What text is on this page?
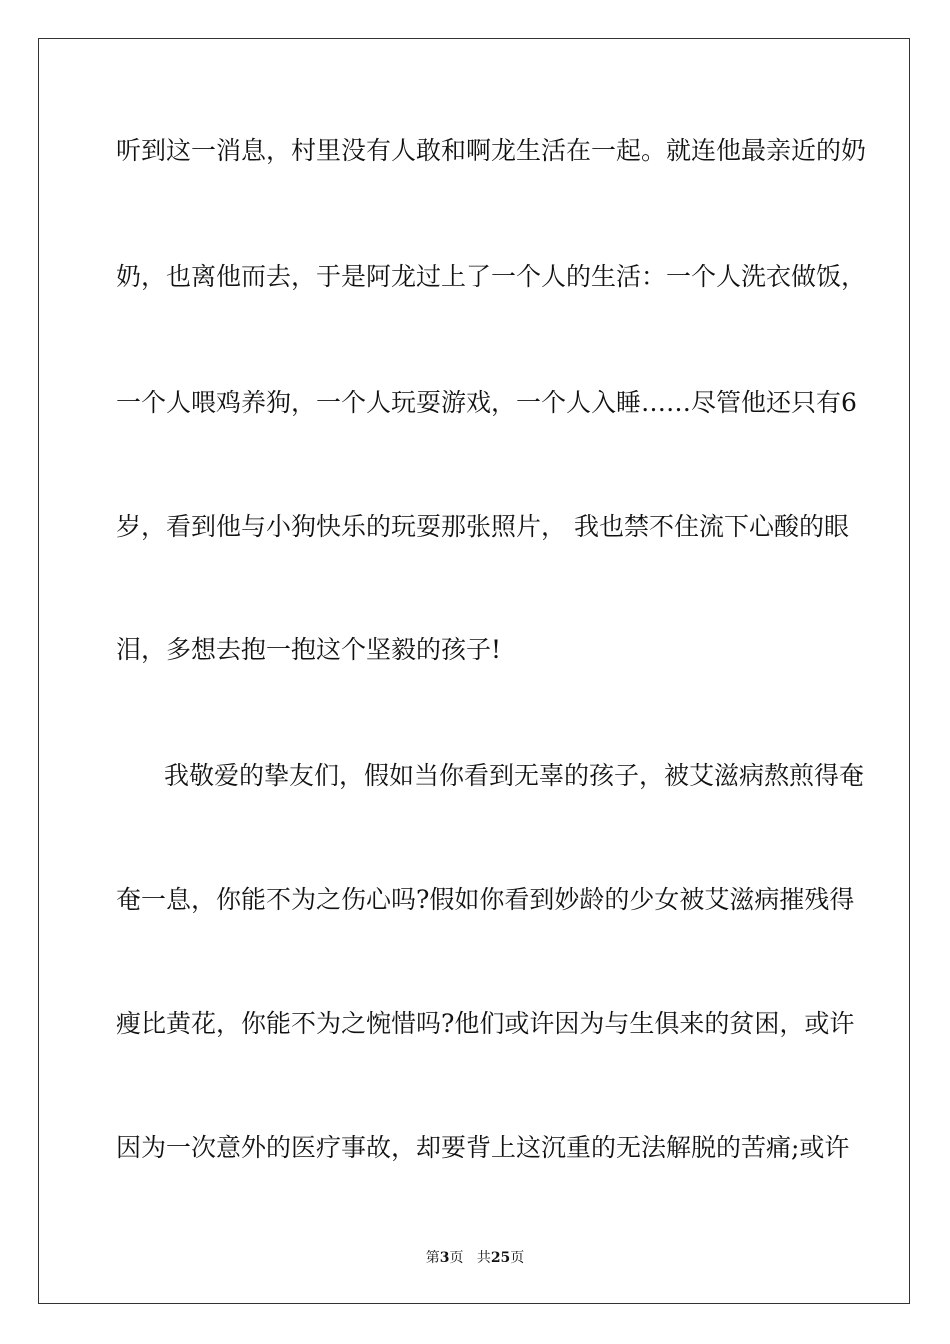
听到这一消息，村里没有人敢和啊龙生活在一起。就连他最亲近的奶
奶，也离他而去，于是阿龙过上了一个人的生活：一个人洗衣做饭，
一个人喂鸡养狗，一个人玩耍游戏，一个人入睡……尽管他还只有6
岁，看到他与小狗快乐的玩耍那张照片， 我也禁不住流下心酸的眼
泪，多想去抱一抱这个坚毅的孩子!
我敬爱的挚友们，假如当你看到无辜的孩子，被艾滋病熬煎得奄
奄一息，你能不为之伤心吗?假如你看到妙龄的少女被艾滋病摧残得
瘦比黄花，你能不为之惋惜吗?他们或许因为与生俱来的贫困，或许
因为一次意外的医疗事故，却要背上这沉重的无法解脱的苦痛;或许
第3页 共25页
